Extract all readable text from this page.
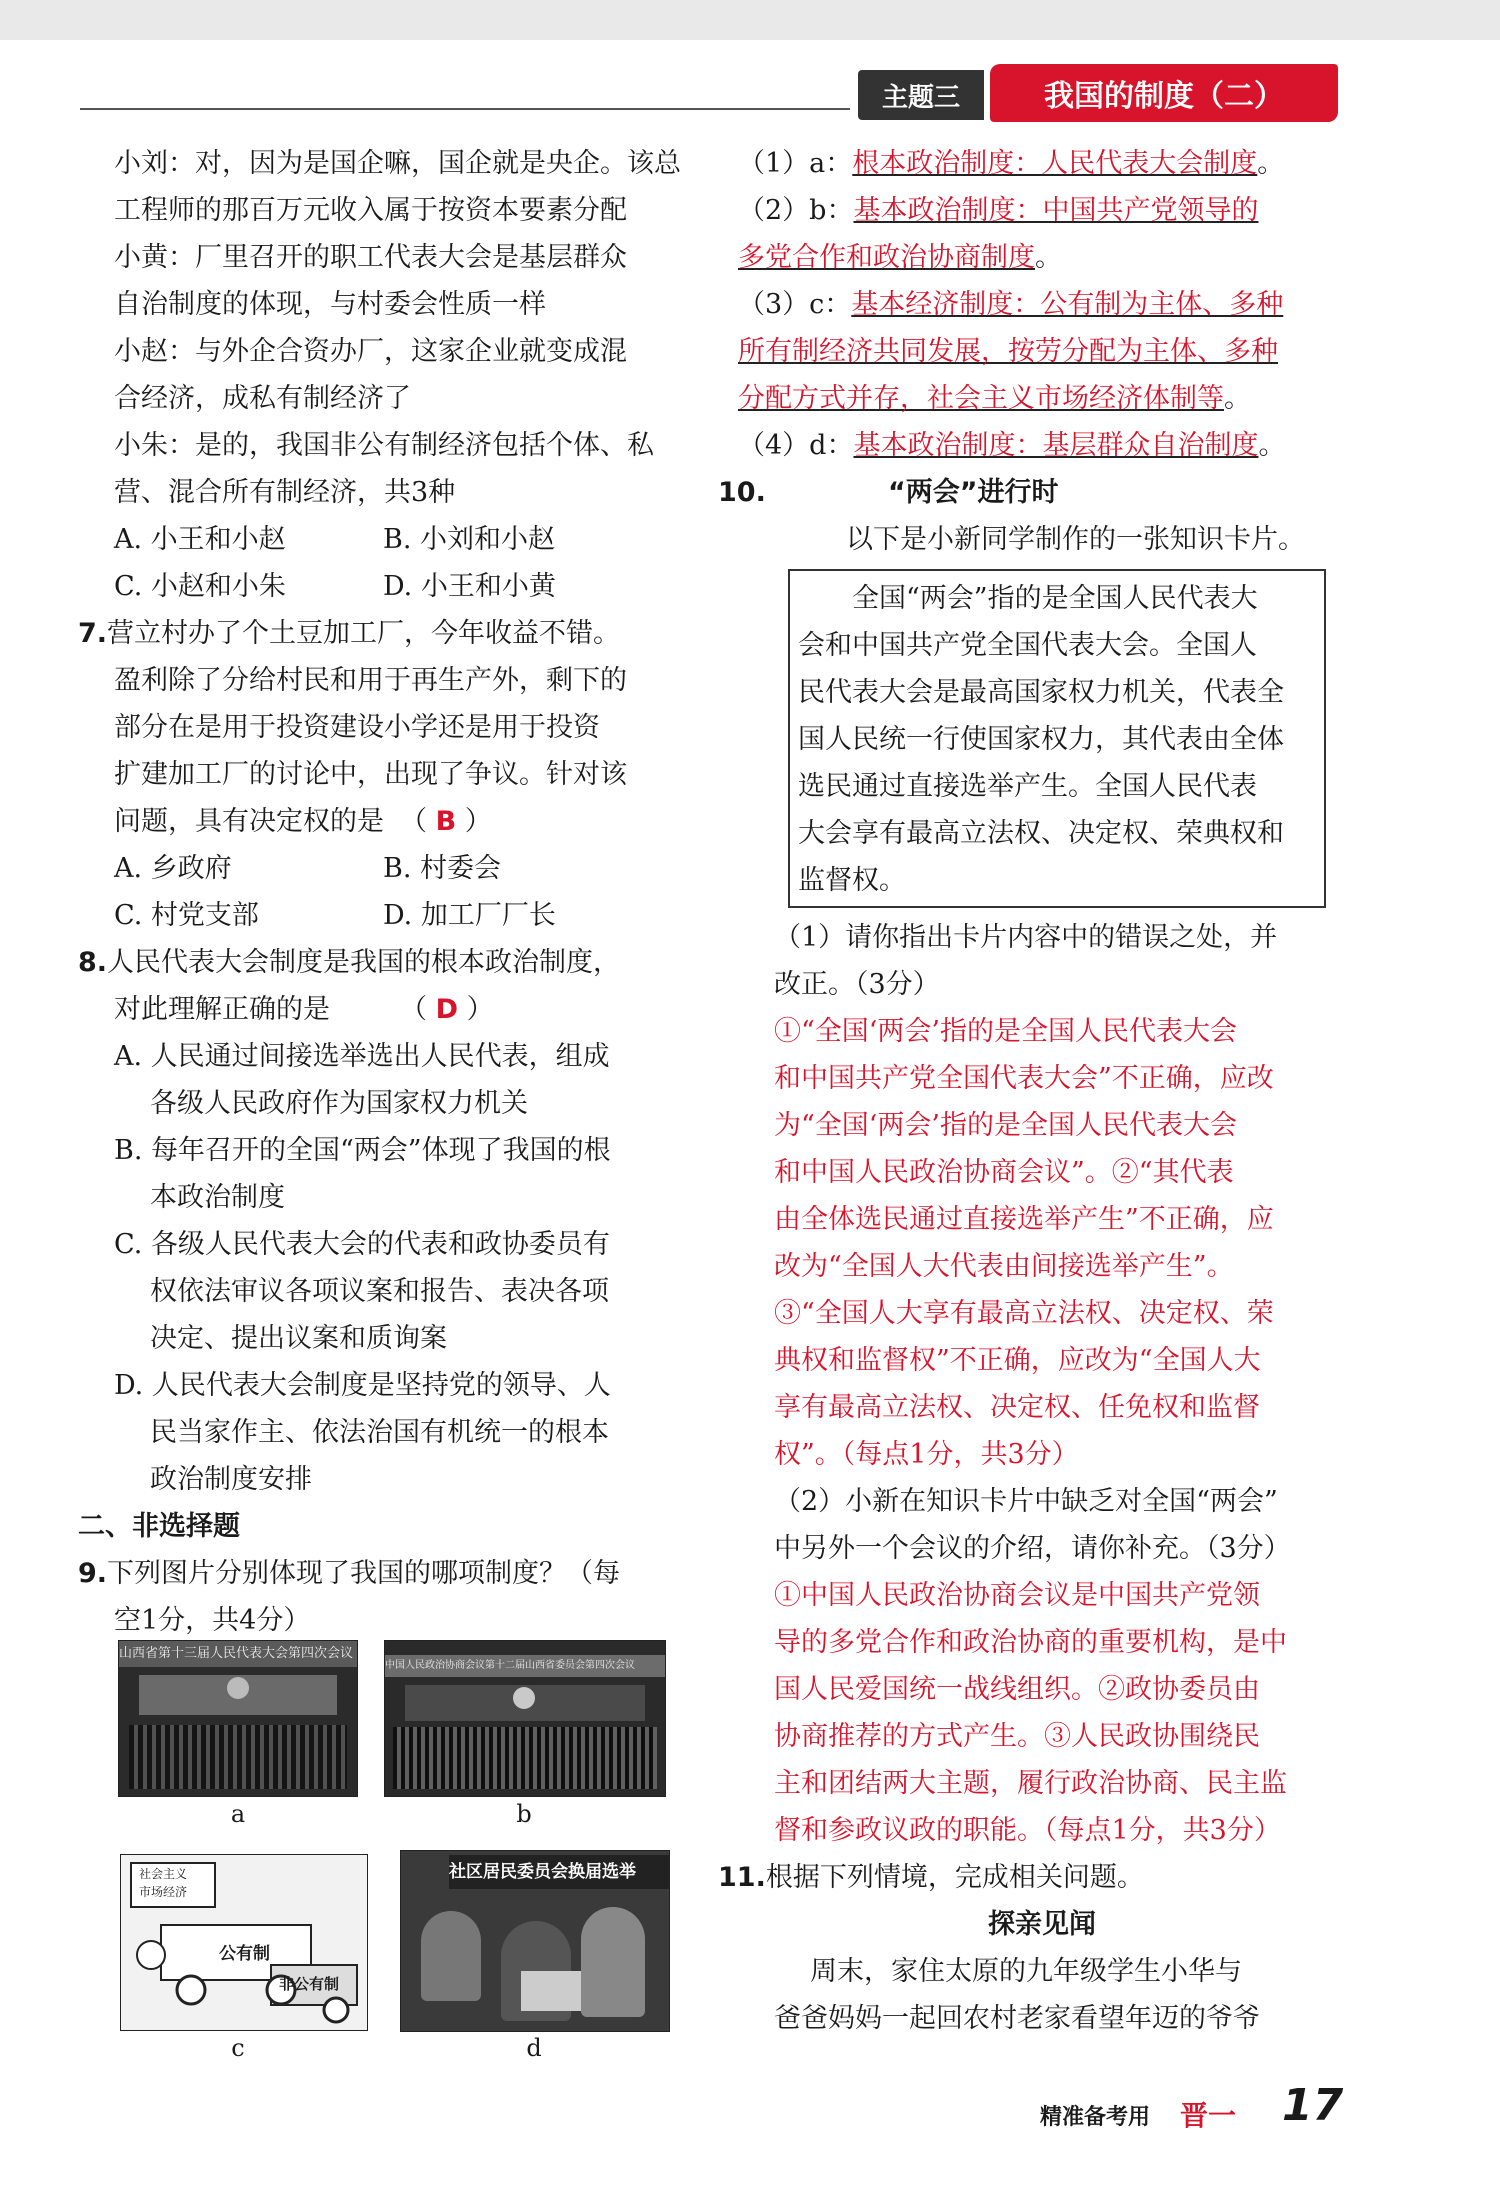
主题三	我国的制度（二）
小刘：对，因为是国企嘛，国企就是央企。该总
工程师的那百万元收入属于按资本要素分配
小黄：厂里召开的职工代表大会是基层群众
自治制度的体现，与村委会性质一样
小赵：与外企合资办厂，这家企业就变成混
合经济，成私有制经济了
小朱：是的，我国非公有制经济包括个体、私
营、混合所有制经济，共3种
A. 小王和小赵	B. 小刘和小赵
C. 小赵和小朱	D. 小王和小黄
7.营立村办了个土豆加工厂，今年收益不错。
盈利除了分给村民和用于再生产外，剩下的
部分在是用于投资建设小学还是用于投资
扩建加工厂的讨论中，出现了争议。针对该
问题，具有决定权的是 （ B ）
A. 乡政府	B. 村委会
C. 村党支部	D. 加工厂厂长
8.人民代表大会制度是我国的根本政治制度，
对此理解正确的是	（ D ）
A. 人民通过间接选举选出人民代表，组成
各级人民政府作为国家权力机关
B. 每年召开的全国“两会”体现了我国的根
本政治制度
C. 各级人民代表大会的代表和政协委员有
权依法审议各项议案和报告、表决各项
决定、提出议案和质询案
D. 人民代表大会制度是坚持党的领导、人
民当家作主、依法治国有机统一的根本
政治制度安排
二、非选择题
9.下列图片分别体现了我国的哪项制度？（每
空1分，共4分）
山西省第十三届人民代表大会第四次会议
a
中国人民政治协商会议第十二届山西省委员会第四次会议
b
社会主义
市场经济
公有制
非公有制
c
社区居民委员会换届选举
d
（1）a：根本政治制度：人民代表大会制度。
（2）b：基本政治制度：中国共产党领导的
多党合作和政治协商制度。
（3）c：基本经济制度：公有制为主体、多种
所有制经济共同发展，按劳分配为主体、多种
分配方式并存，社会主义市场经济体制等。
（4）d：基本政治制度：基层群众自治制度。
10.	“两会”进行时
以下是小新同学制作的一张知识卡片。
全国“两会”指的是全国人民代表大
会和中国共产党全国代表大会。全国人
民代表大会是最高国家权力机关，代表全
国人民统一行使国家权力，其代表由全体
选民通过直接选举产生。全国人民代表
大会享有最高立法权、决定权、荣典权和
监督权。
（1）请你指出卡片内容中的错误之处，并
改正。（3分）
①“全国‘两会’指的是全国人民代表大会
和中国共产党全国代表大会”不正确，应改
为“全国‘两会’指的是全国人民代表大会
和中国人民政治协商会议”。②“其代表
由全体选民通过直接选举产生”不正确，应
改为“全国人大代表由间接选举产生”。
③“全国人大享有最高立法权、决定权、荣
典权和监督权”不正确，应改为“全国人大
享有最高立法权、决定权、任免权和监督
权”。（每点1分，共3分）
（2）小新在知识卡片中缺乏对全国“两会”
中另外一个会议的介绍，请你补充。（3分）
①中国人民政治协商会议是中国共产党领
导的多党合作和政治协商的重要机构，是中
国人民爱国统一战线组织。②政协委员由
协商推荐的方式产生。③人民政协围绕民
主和团结两大主题，履行政治协商、民主监
督和参政议政的职能。（每点1分，共3分）
11.根据下列情境，完成相关问题。
探亲见闻
周末，家住太原的九年级学生小华与
爸爸妈妈一起回农村老家看望年迈的爷爷
精准备考用 晋一 17
